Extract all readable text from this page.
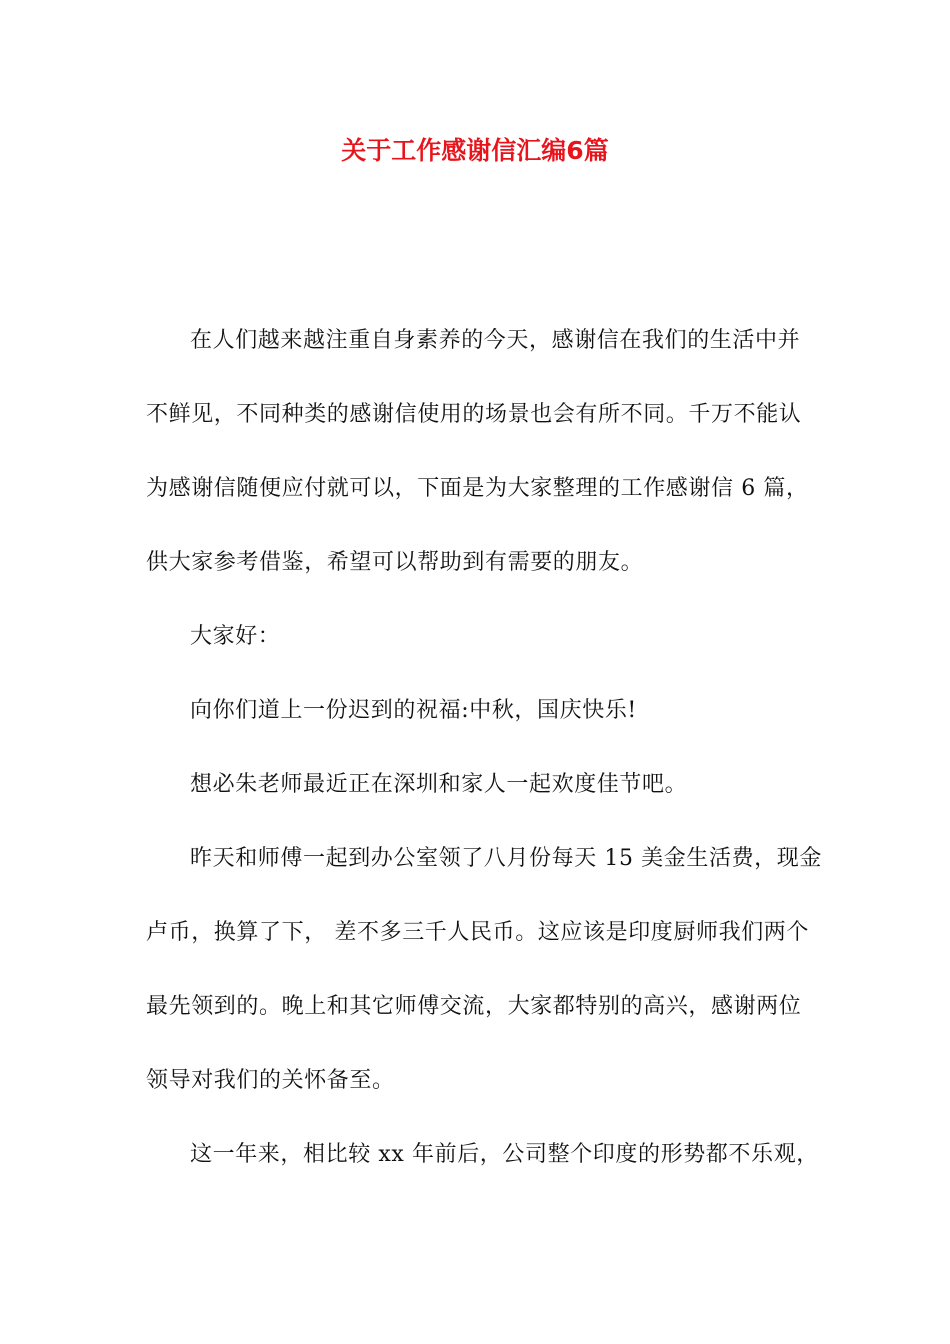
关于工作感谢信汇编6篇

在人们越来越注重自身素养的今天，感谢信在我们的生活中并
不鲜见，不同种类的感谢信使用的场景也会有所不同。千万不能认
为感谢信随便应付就可以，下面是为大家整理的工作感谢信 6 篇，
供大家参考借鉴，希望可以帮助到有需要的朋友。

大家好：

向你们道上一份迟到的祝福:中秋，国庆快乐!

想必朱老师最近正在深圳和家人一起欢度佳节吧。

昨天和师傅一起到办公室领了八月份每天 15 美金生活费，现金
卢币，换算了下， 差不多三千人民币。这应该是印度厨师我们两个
最先领到的。晚上和其它师傅交流，大家都特别的高兴，感谢两位
领导对我们的关怀备至。

这一年来，相比较 xx 年前后，公司整个印度的形势都不乐观，
